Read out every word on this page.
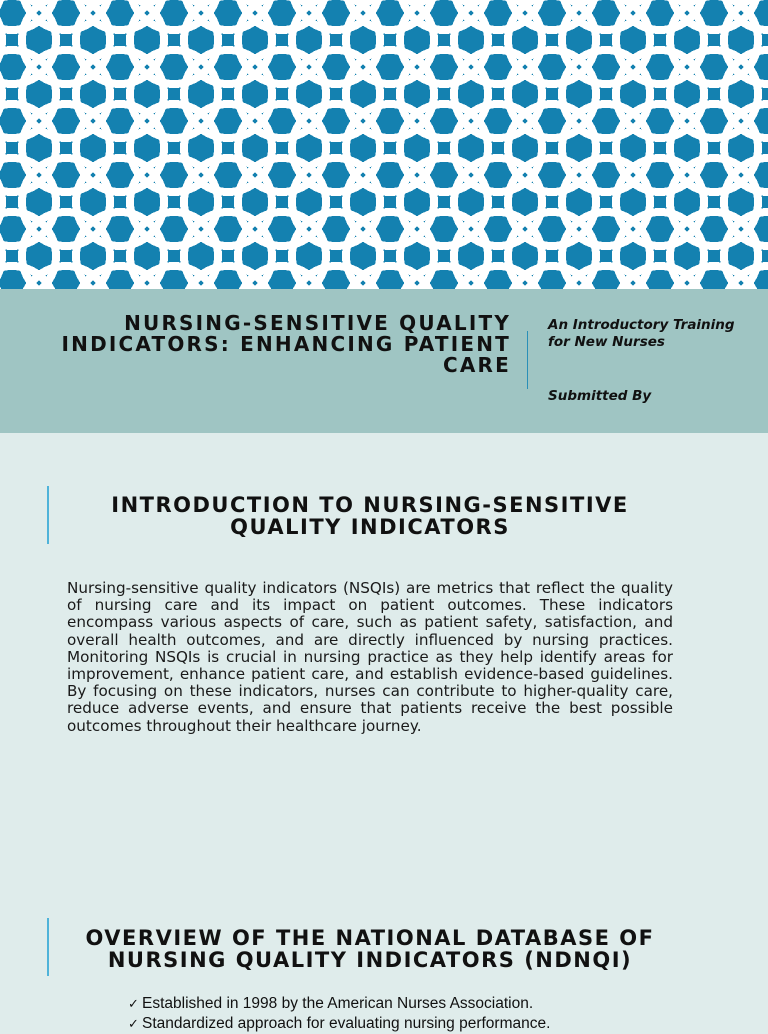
NURSING-SENSITIVE QUALITY INDICATORS: ENHANCING PATIENT CARE

An Introductory Training for New Nurses

Submitted By

INTRODUCTION TO NURSING-SENSITIVE QUALITY INDICATORS

Nursing-sensitive quality indicators (NSQIs) are metrics that reflect the quality of nursing care and its impact on patient outcomes. These indicators encompass various aspects of care, such as patient safety, satisfaction, and overall health outcomes, and are directly influenced by nursing practices. Monitoring NSQIs is crucial in nursing practice as they help identify areas for improvement, enhance patient care, and establish evidence-based guidelines. By focusing on these indicators, nurses can contribute to higher-quality care, reduce adverse events, and ensure that patients receive the best possible outcomes throughout their healthcare journey.

OVERVIEW OF THE NATIONAL DATABASE OF NURSING QUALITY INDICATORS (NDNQI)
✓ Established in 1998 by the American Nurses Association.
✓ Standardized approach for evaluating nursing performance.
